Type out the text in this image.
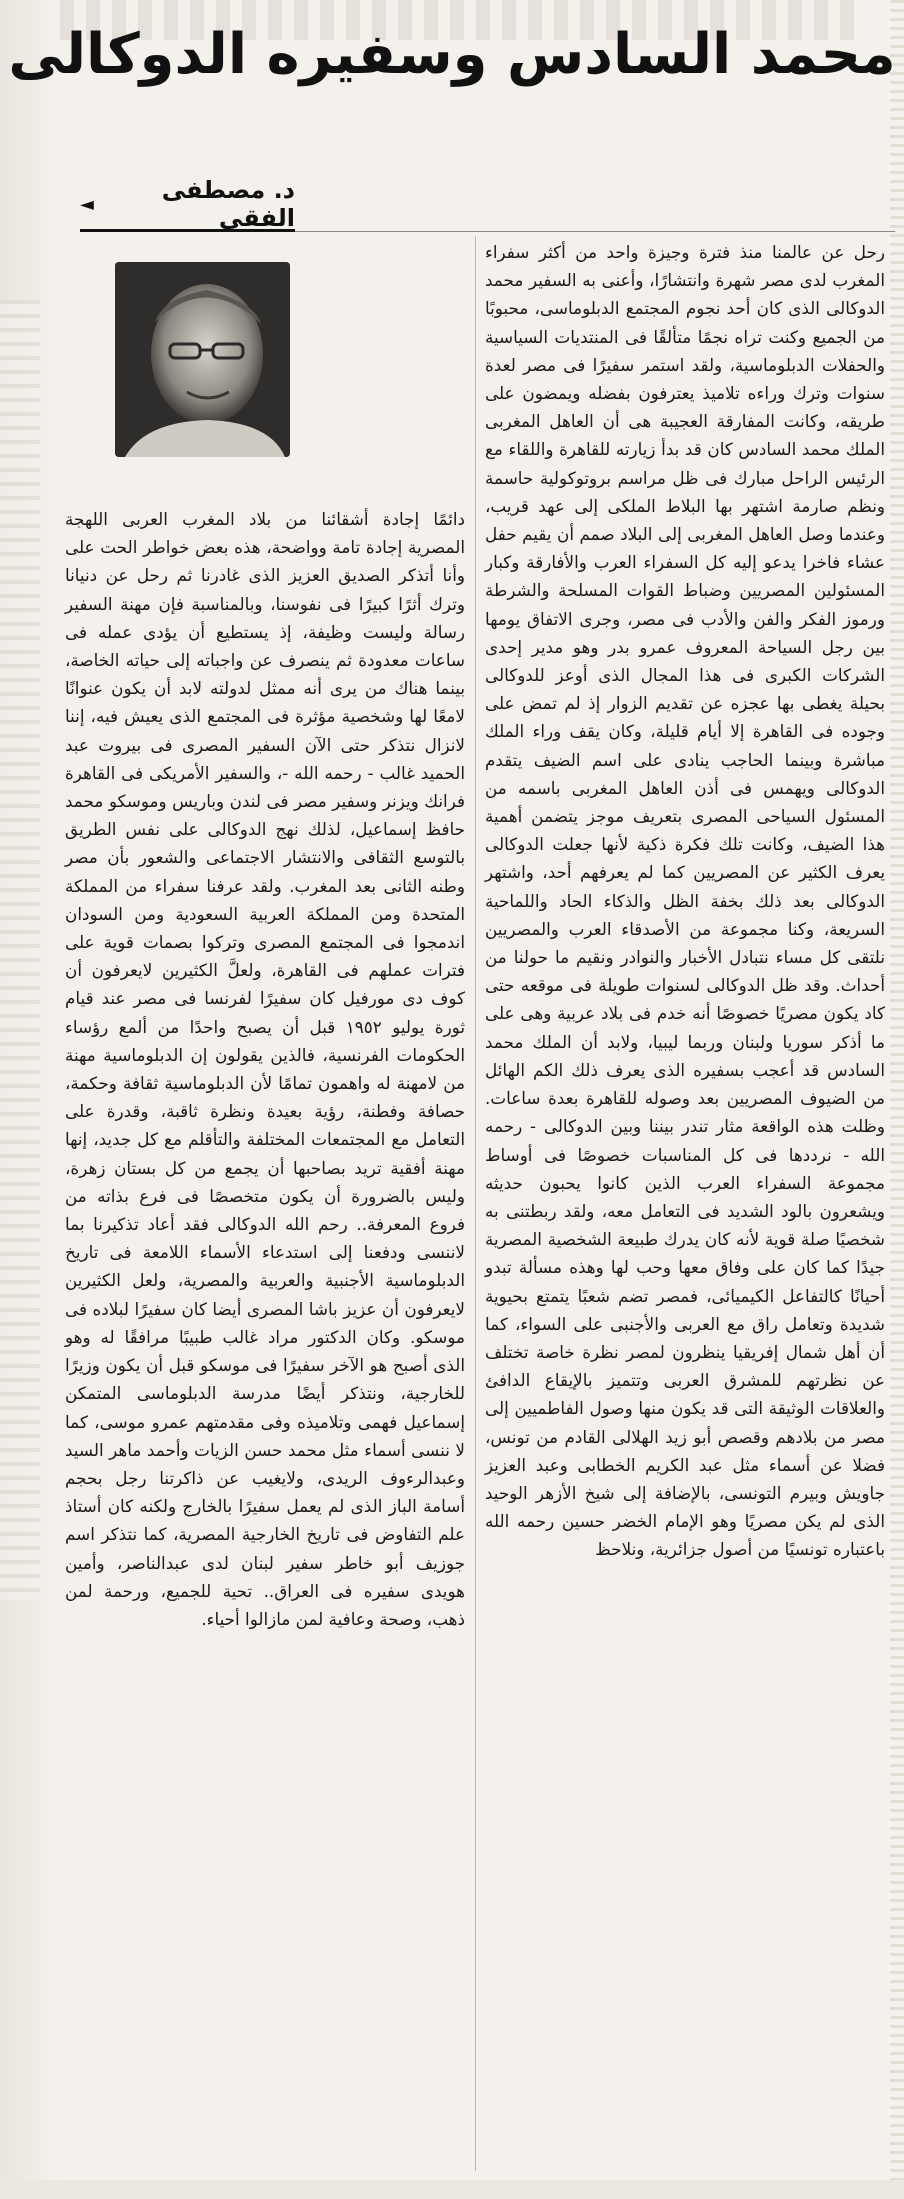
محمد السادس وسفيره الدوكالى
د. مصطفى الفقى
◄

رحل عن عالمنا منذ فترة وجيزة واحد من أكثر سفراء المغرب لدى مصر شهرة وانتشارًا، وأعنى به السفير محمد الدوكالى الذى كان أحد نجوم المجتمع الدبلوماسى، محبوبًا من الجميع وكنت تراه نجمًا متألقًا فى المنتديات السياسية والحفلات الدبلوماسية، ولقد استمر سفيرًا فى مصر لعدة سنوات وترك وراءه تلاميذ يعترفون بفضله ويمضون على طريقه، وكانت المفارقة العجيبة هى أن العاهل المغربى الملك محمد السادس كان قد بدأ زيارته للقاهرة واللقاء مع الرئيس الراحل مبارك فى ظل مراسم بروتوكولية حاسمة ونظم صارمة اشتهر بها البلاط الملكى إلى عهد قريب، وعندما وصل العاهل المغربى إلى البلاد صمم أن يقيم حفل عشاء فاخرا يدعو إليه كل السفراء العرب والأفارقة وكبار المسئولين المصريين وضباط القوات المسلحة والشرطة ورموز الفكر والفن والأدب فى مصر، وجرى الاتفاق يومها بين رجل السياحة المعروف عمرو بدر وهو مدير إحدى الشركات الكبرى فى هذا المجال الذى أوعز للدوكالى بحيلة يغطى بها عجزه عن تقديم الزوار إذ لم تمض على وجوده فى القاهرة إلا أيام قليلة، وكان يقف وراء الملك مباشرة وبينما الحاجب ينادى على اسم الضيف يتقدم الدوكالى ويهمس فى أذن العاهل المغربى باسمه من المسئول السياحى المصرى بتعريف موجز يتضمن أهمية هذا الضيف، وكانت تلك فكرة ذكية لأنها جعلت الدوكالى يعرف الكثير عن المصريين كما لم يعرفهم أحد، واشتهر الدوكالى بعد ذلك بخفة الظل والذكاء الحاد واللماحية السريعة، وكنا مجموعة من الأصدقاء العرب والمصريين نلتقى كل مساء نتبادل الأخبار والنوادر ونقيم ما حولنا من أحداث. وقد ظل الدوكالى لسنوات طويلة فى موقعه حتى كاد يكون مصريًا خصوصًا أنه خدم فى بلاد عربية وهى على ما أذكر سوريا ولبنان وربما ليبيا، ولابد أن الملك محمد السادس قد أعجب بسفيره الذى يعرف ذلك الكم الهائل من الضيوف المصريين بعد وصوله للقاهرة بعدة ساعات. وظلت هذه الواقعة مثار تندر بيننا وبين الدوكالى - رحمه الله - نرددها فى كل المناسبات خصوصًا فى أوساط مجموعة السفراء العرب الذين كانوا يحبون حديثه ويشعرون بالود الشديد فى التعامل معه، ولقد ربطتنى به شخصيًا صلة قوية لأنه كان يدرك طبيعة الشخصية المصرية جيدًا كما كان على وفاق معها وحب لها وهذه مسألة تبدو أحيانًا كالتفاعل الكيميائى، فمصر تضم شعبًا يتمتع بحيوية شديدة وتعامل راق مع العربى والأجنبى على السواء، كما أن أهل شمال إفريقيا ينظرون لمصر نظرة خاصة تختلف عن نظرتهم للمشرق العربى وتتميز بالإيقاع الدافئ والعلاقات الوثيقة التى قد يكون منها وصول الفاطميين إلى مصر من بلادهم وقصص أبو زيد الهلالى القادم من تونس، فضلا عن أسماء مثل عبد الكريم الخطابى وعبد العزيز جاويش وبيرم التونسى، بالإضافة إلى شيخ الأزهر الوحيد الذى لم يكن مصريًا وهو الإمام الخضر حسين رحمه الله باعتباره تونسيًا من أصول جزائرية، ونلاحظ

دائمًا إجادة أشقائنا من بلاد المغرب العربى اللهجة المصرية إجادة تامة وواضحة، هذه بعض خواطر الحت على وأنا أتذكر الصديق العزيز الذى غادرنا ثم رحل عن دنيانا وترك أثرًا كبيرًا فى نفوسنا، وبالمناسبة فإن مهنة السفير رسالة وليست وظيفة، إذ يستطيع أن يؤدى عمله فى ساعات معدودة ثم ينصرف عن واجباته إلى حياته الخاصة، بينما هناك من يرى أنه ممثل لدولته لابد أن يكون عنوانًا لامعًا لها وشخصية مؤثرة فى المجتمع الذى يعيش فيه، إننا لانزال نتذكر حتى الآن السفير المصرى فى بيروت عبد الحميد غالب - رحمه الله -، والسفير الأمريكى فى القاهرة فرانك ويزنر وسفير مصر فى لندن وباريس وموسكو محمد حافظ إسماعيل، لذلك نهج الدوكالى على نفس الطريق بالتوسع الثقافى والانتشار الاجتماعى والشعور بأن مصر وطنه الثانى بعد المغرب. ولقد عرفنا سفراء من المملكة المتحدة ومن المملكة العربية السعودية ومن السودان اندمجوا فى المجتمع المصرى وتركوا بصمات قوية على فترات عملهم فى القاهرة، ولعلَّ الكثيرين لايعرفون أن كوف دى مورفيل كان سفيرًا لفرنسا فى مصر عند قيام ثورة يوليو ١٩٥٢ قبل أن يصبح واحدًا من ألمع رؤساء الحكومات الفرنسية، فالذين يقولون إن الدبلوماسية مهنة من لامهنة له واهمون تمامًا لأن الدبلوماسية ثقافة وحكمة، حصافة وفطنة، رؤية بعيدة ونظرة ثاقبة، وقدرة على التعامل مع المجتمعات المختلفة والتأقلم مع كل جديد، إنها مهنة أفقية تريد بصاحبها أن يجمع من كل بستان زهرة، وليس بالضرورة أن يكون متخصصًا فى فرع بذاته من فروع المعرفة.. رحم الله الدوكالى فقد أعاد تذكيرنا بما لاننسى ودفعنا إلى استدعاء الأسماء اللامعة فى تاريخ الدبلوماسية الأجنبية والعربية والمصرية، ولعل الكثيرين لايعرفون أن عزيز باشا المصرى أيضا كان سفيرًا لبلاده فى موسكو. وكان الدكتور مراد غالب طبيبًا مرافقًا له وهو الذى أصبح هو الآخر سفيرًا فى موسكو قبل أن يكون وزيرًا للخارجية، ونتذكر أيضًا مدرسة الدبلوماسى المتمكن إسماعيل فهمى وتلاميذه وفى مقدمتهم عمرو موسى، كما لا ننسى أسماء مثل محمد حسن الزيات وأحمد ماهر السيد وعبدالرءوف الريدى، ولايغيب عن ذاكرتنا رجل بحجم أسامة الباز الذى لم يعمل سفيرًا بالخارج ولكنه كان أستاذ علم التفاوض فى تاريخ الخارجية المصرية، كما نتذكر اسم جوزيف أبو خاطر سفير لبنان لدى عبدالناصر، وأمين هويدى سفيره فى العراق.. تحية للجميع، ورحمة لمن ذهب، وصحة وعافية لمن مازالوا أحياء.
